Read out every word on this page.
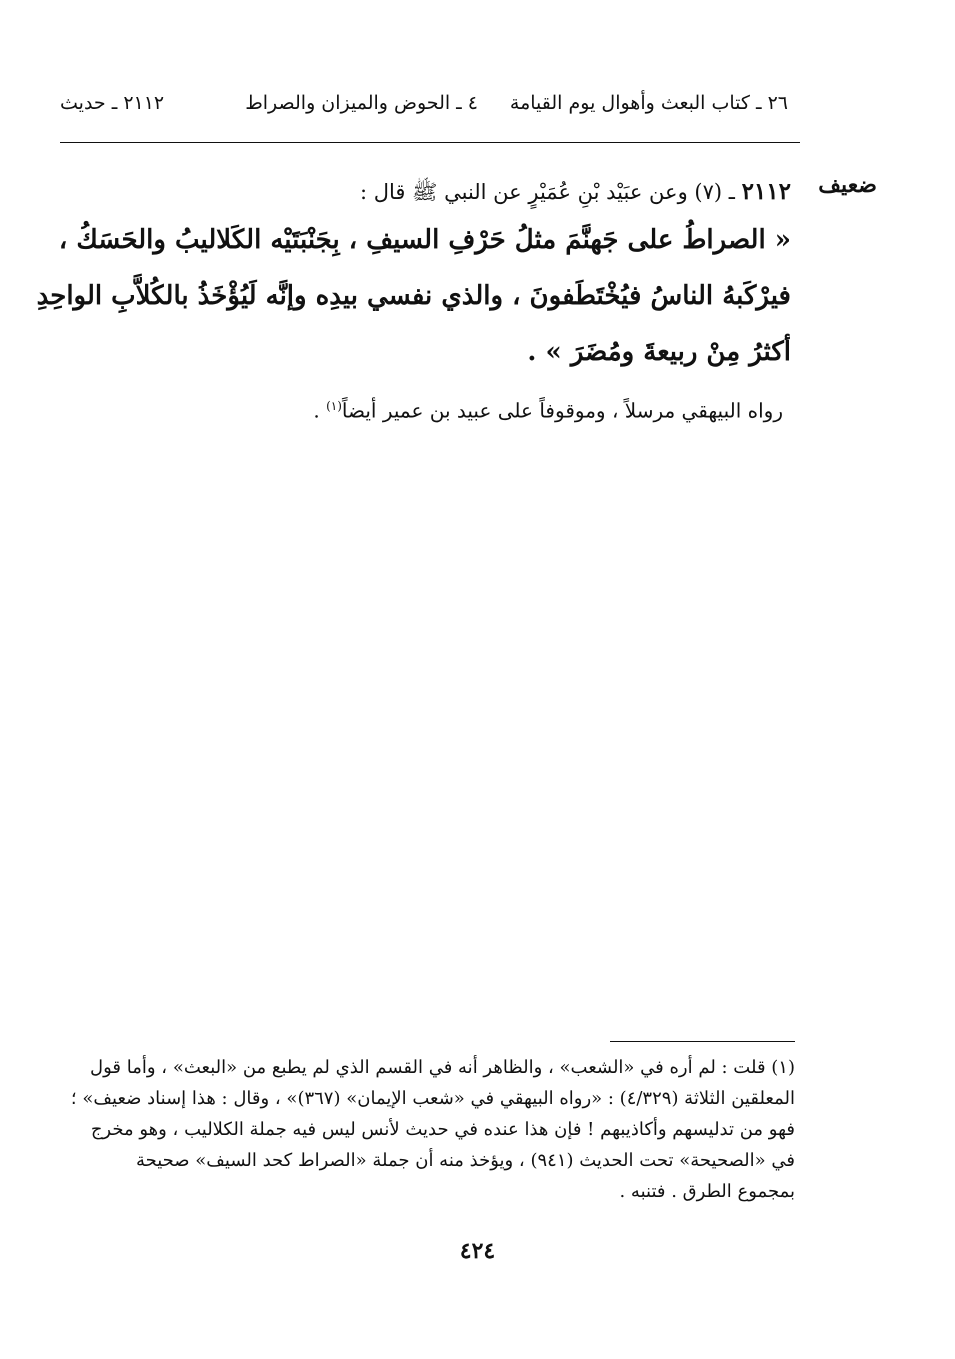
٢٦ ـ كتاب البعث وأهوال يوم القيامة
٤ ـ الحوض والميزان والصراط
٢١١٢ ـ حديث
ضعيف
٢١١٢ ـ (٧) وعن عبَيْد بْنِ عُمَيْرٍ عن النبي ﷺ قال :
« الصراطُ على جَهنَّمَ مثلُ حَرْفِ السيفِ ، بِجَنْبَتَيْه الكَلاليبُ والحَسَكُ ،
فيرْكَبهُ الناسُ فيُخْتَطَفونَ ، والذي نفسي بيدِه وإنَّه لَيُؤْخَذُ بالكُلاَّبِ الواحِدِ
أكثرُ مِنْ ربيعةَ ومُضَرَ » .
رواه البيهقي مرسلاً ، وموقوفاً على عبيد بن عمير أيضاً$^{(١)}$ .
(١) قلت : لم أره في «الشعب» ، والظاهر أنه في القسم الذي لم يطبع من «البعث» ، وأما قول
المعلقين الثلاثة (٤/٣٢٩) : «رواه البيهقي في «شعب الإيمان» (٣٦٧)» ، وقال : هذا إسناد ضعيف» ؛
فهو من تدليسهم وأكاذيبهم ! فإن هذا عنده في حديث لأنس ليس فيه جملة الكلاليب ، وهو مخرج
في «الصحيحة» تحت الحديث (٩٤١) ، ويؤخذ منه أن جملة «الصراط كحد السيف» صحيحة
بمجموع الطرق . فتنبه .
٤٢٤
